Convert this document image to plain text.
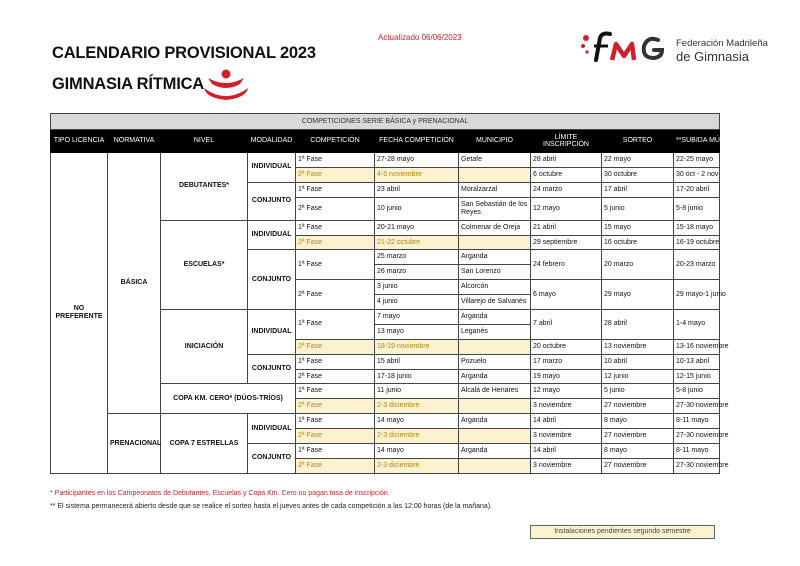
CALENDARIO PROVISIONAL 2023
GIMNASIA RÍTMICA
Actualizado 06/06/2023
Federación Madrileña
de Gimnasia
COMPETICIONES SERIE BÁSICA y PRENACIONAL									
TIPO LICENCIA	NORMATIVA	NIVEL	MODALIDAD	COMPETICIÓN	FECHA COMPETICIÓN	MUNICIPIO	LÍMITE INSCRIPCIÓN	SORTEO	**SUBIDA MÚSICAS
NO PREFERENTE	BÁSICA	DEBUTANTES*	INDIVIDUAL	1ª Fase	27-28 mayo	Getafe	28 abril	22 mayo	22-25 mayo
				2ª Fase	4-5 noviembre		6 octubre	30 octubre	30 oct - 2 nov
			CONJUNTO	1ª Fase	23 abril	Moralzarzal	24 marzo	17 abril	17-20 abril
				2ª Fase	10 junio	San Sebastián de los Reyes	12 mayo	5 junio	5-8 junio
		ESCUELAS*	INDIVIDUAL	1ª Fase	20-21 mayo	Colmenar de Oreja	21 abril	15 mayo	15-18 mayo
				2ª Fase	21-22 octubre		29 septiembre	16 octubre	16-19 octubre
			CONJUNTO	1ª Fase	25 marzo	Arganda	24 febrero	20 marzo	20-23 marzo
					26 marzo	San Lorenzo			
				2ª Fase	3 junio	Alcorcón	6 mayo	29 mayo	29 mayo-1 junio
					4 junio	Villarejo de Salvanés			
		INICIACIÓN	INDIVIDUAL	1ª Fase	7 mayo	Arganda	7 abril	28 abril	1-4 mayo
					13 mayo	Leganés			
				2ª Fase	18-19 noviembre		20 octubre	13 noviembre	13-16 noviembre
			CONJUNTO	1ª Fase	15 abril	Pozuelo	17 marzo	10 abril	10-13 abril
				2ª Fase	17-18 junio	Arganda	19 mayo	12 junio	12-15 junio
		COPA KM. CERO* (DÚOS-TRÍOS)		1ª Fase	11 junio	Alcalá de Henares	12 mayo	5 junio	5-8 junio
				2ª Fase	2-3 diciembre		3 noviembre	27 noviembre	27-30 noviembre
	PRENACIONAL	COPA 7 ESTRELLAS	INDIVIDUAL	1ª Fase	14 mayo	Arganda	14 abril	8 mayo	8-11 mayo
				2ª Fase	2-3 diciembre		3 noviembre	27 noviembre	27-30 noviembre
			CONJUNTO	1ª Fase	14 mayo	Arganda	14 abril	8 mayo	8-11 mayo
				2ª Fase	2-3 diciembre		3 noviembre	27 noviembre	27-30 noviembre
* Participantes en los Campeonatos de Debutantes, Escuelas y Copa Km. Cero no pagan tasa de inscripción.
** El sistema permanecerá abierto desde que se realice el sorteo hasta el jueves antes de cada competición a las 12:00 horas (de la mañana).
Instalaciones pendientes segundo semestre
